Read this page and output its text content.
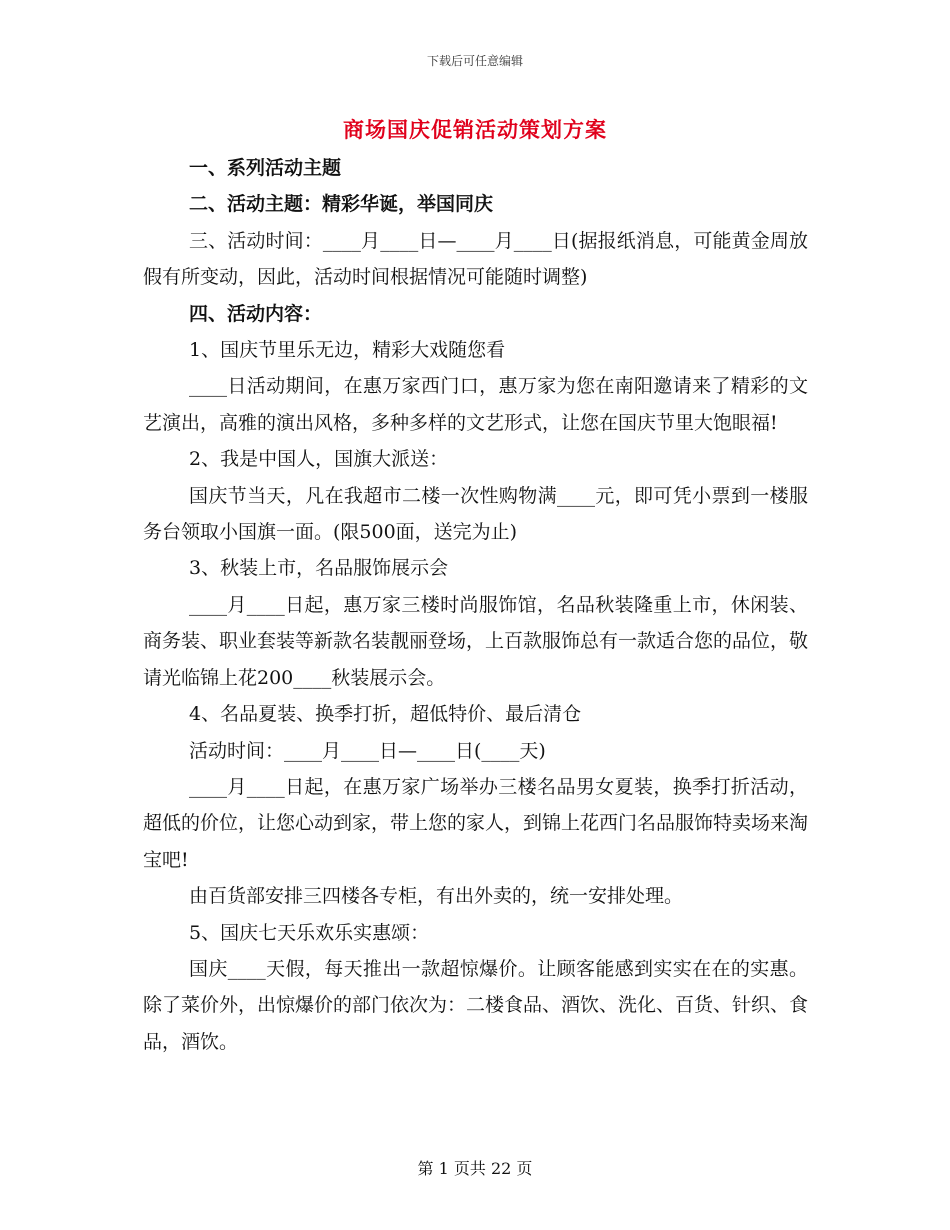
下载后可任意编辑
商场国庆促销活动策划方案

一、系列活动主题

二、活动主题：精彩华诞，举国同庆

三、活动时间：____月____日—____月____日(据报纸消息，可能黄金周放假有所变动，因此，活动时间根据情况可能随时调整)

四、活动内容：

1、国庆节里乐无边，精彩大戏随您看

____日活动期间，在惠万家西门口，惠万家为您在南阳邀请来了精彩的文艺演出，高雅的演出风格，多种多样的文艺形式，让您在国庆节里大饱眼福!

2、我是中国人，国旗大派送：

国庆节当天，凡在我超市二楼一次性购物满____元，即可凭小票到一楼服务台领取小国旗一面。(限500面，送完为止)

3、秋装上市，名品服饰展示会

____月____日起，惠万家三楼时尚服饰馆，名品秋装隆重上市，休闲装、商务装、职业套装等新款名装靓丽登场，上百款服饰总有一款适合您的品位，敬请光临锦上花200____秋装展示会。

4、名品夏装、换季打折，超低特价、最后清仓

活动时间：____月____日—____日(____天)

____月____日起，在惠万家广场举办三楼名品男女夏装，换季打折活动，超低的价位，让您心动到家，带上您的家人，到锦上花西门名品服饰特卖场来淘宝吧!

由百货部安排三四楼各专柜，有出外卖的，统一安排处理。

5、国庆七天乐欢乐实惠颂：

国庆____天假，每天推出一款超惊爆价。让顾客能感到实实在在的实惠。除了菜价外，出惊爆价的部门依次为：二楼食品、酒饮、洗化、百货、针织、食品，酒饮。

第 1 页共 22 页
